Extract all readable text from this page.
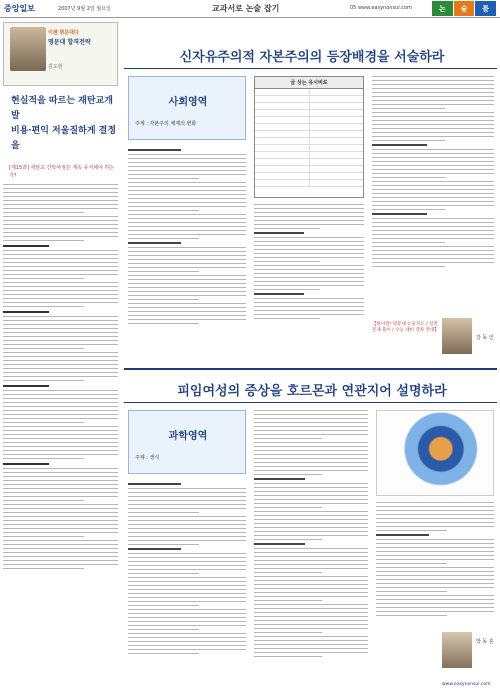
중앙일보	2007년 9월 2일 월요일	교과서로 논술 잡기	05 www.easynonsul.com	논	술	틀
이젠 명문대다
명문대 합격전략
김도현
현실적을 따르는 재탄교개발
비용·편익 저울질하게 결정을
[제15과] 세탄교 간탁사점은 계속 유지해야 하는가?
신자유주의적 자본주의의 등장배경을 서술하라
사회영역
주제 : 자본주의 체제의 변화
글 상는 유시비로
【바이럴! 명문대 논술지도 / 실전 문제 풀이 / 수능 대비 강좌 안내】
강 동 인
피임여성의 증상을 호르몬과 연관지어 설명하라
과학영역
주제 : 생식
박 동 훈
www.easynonsul.com
